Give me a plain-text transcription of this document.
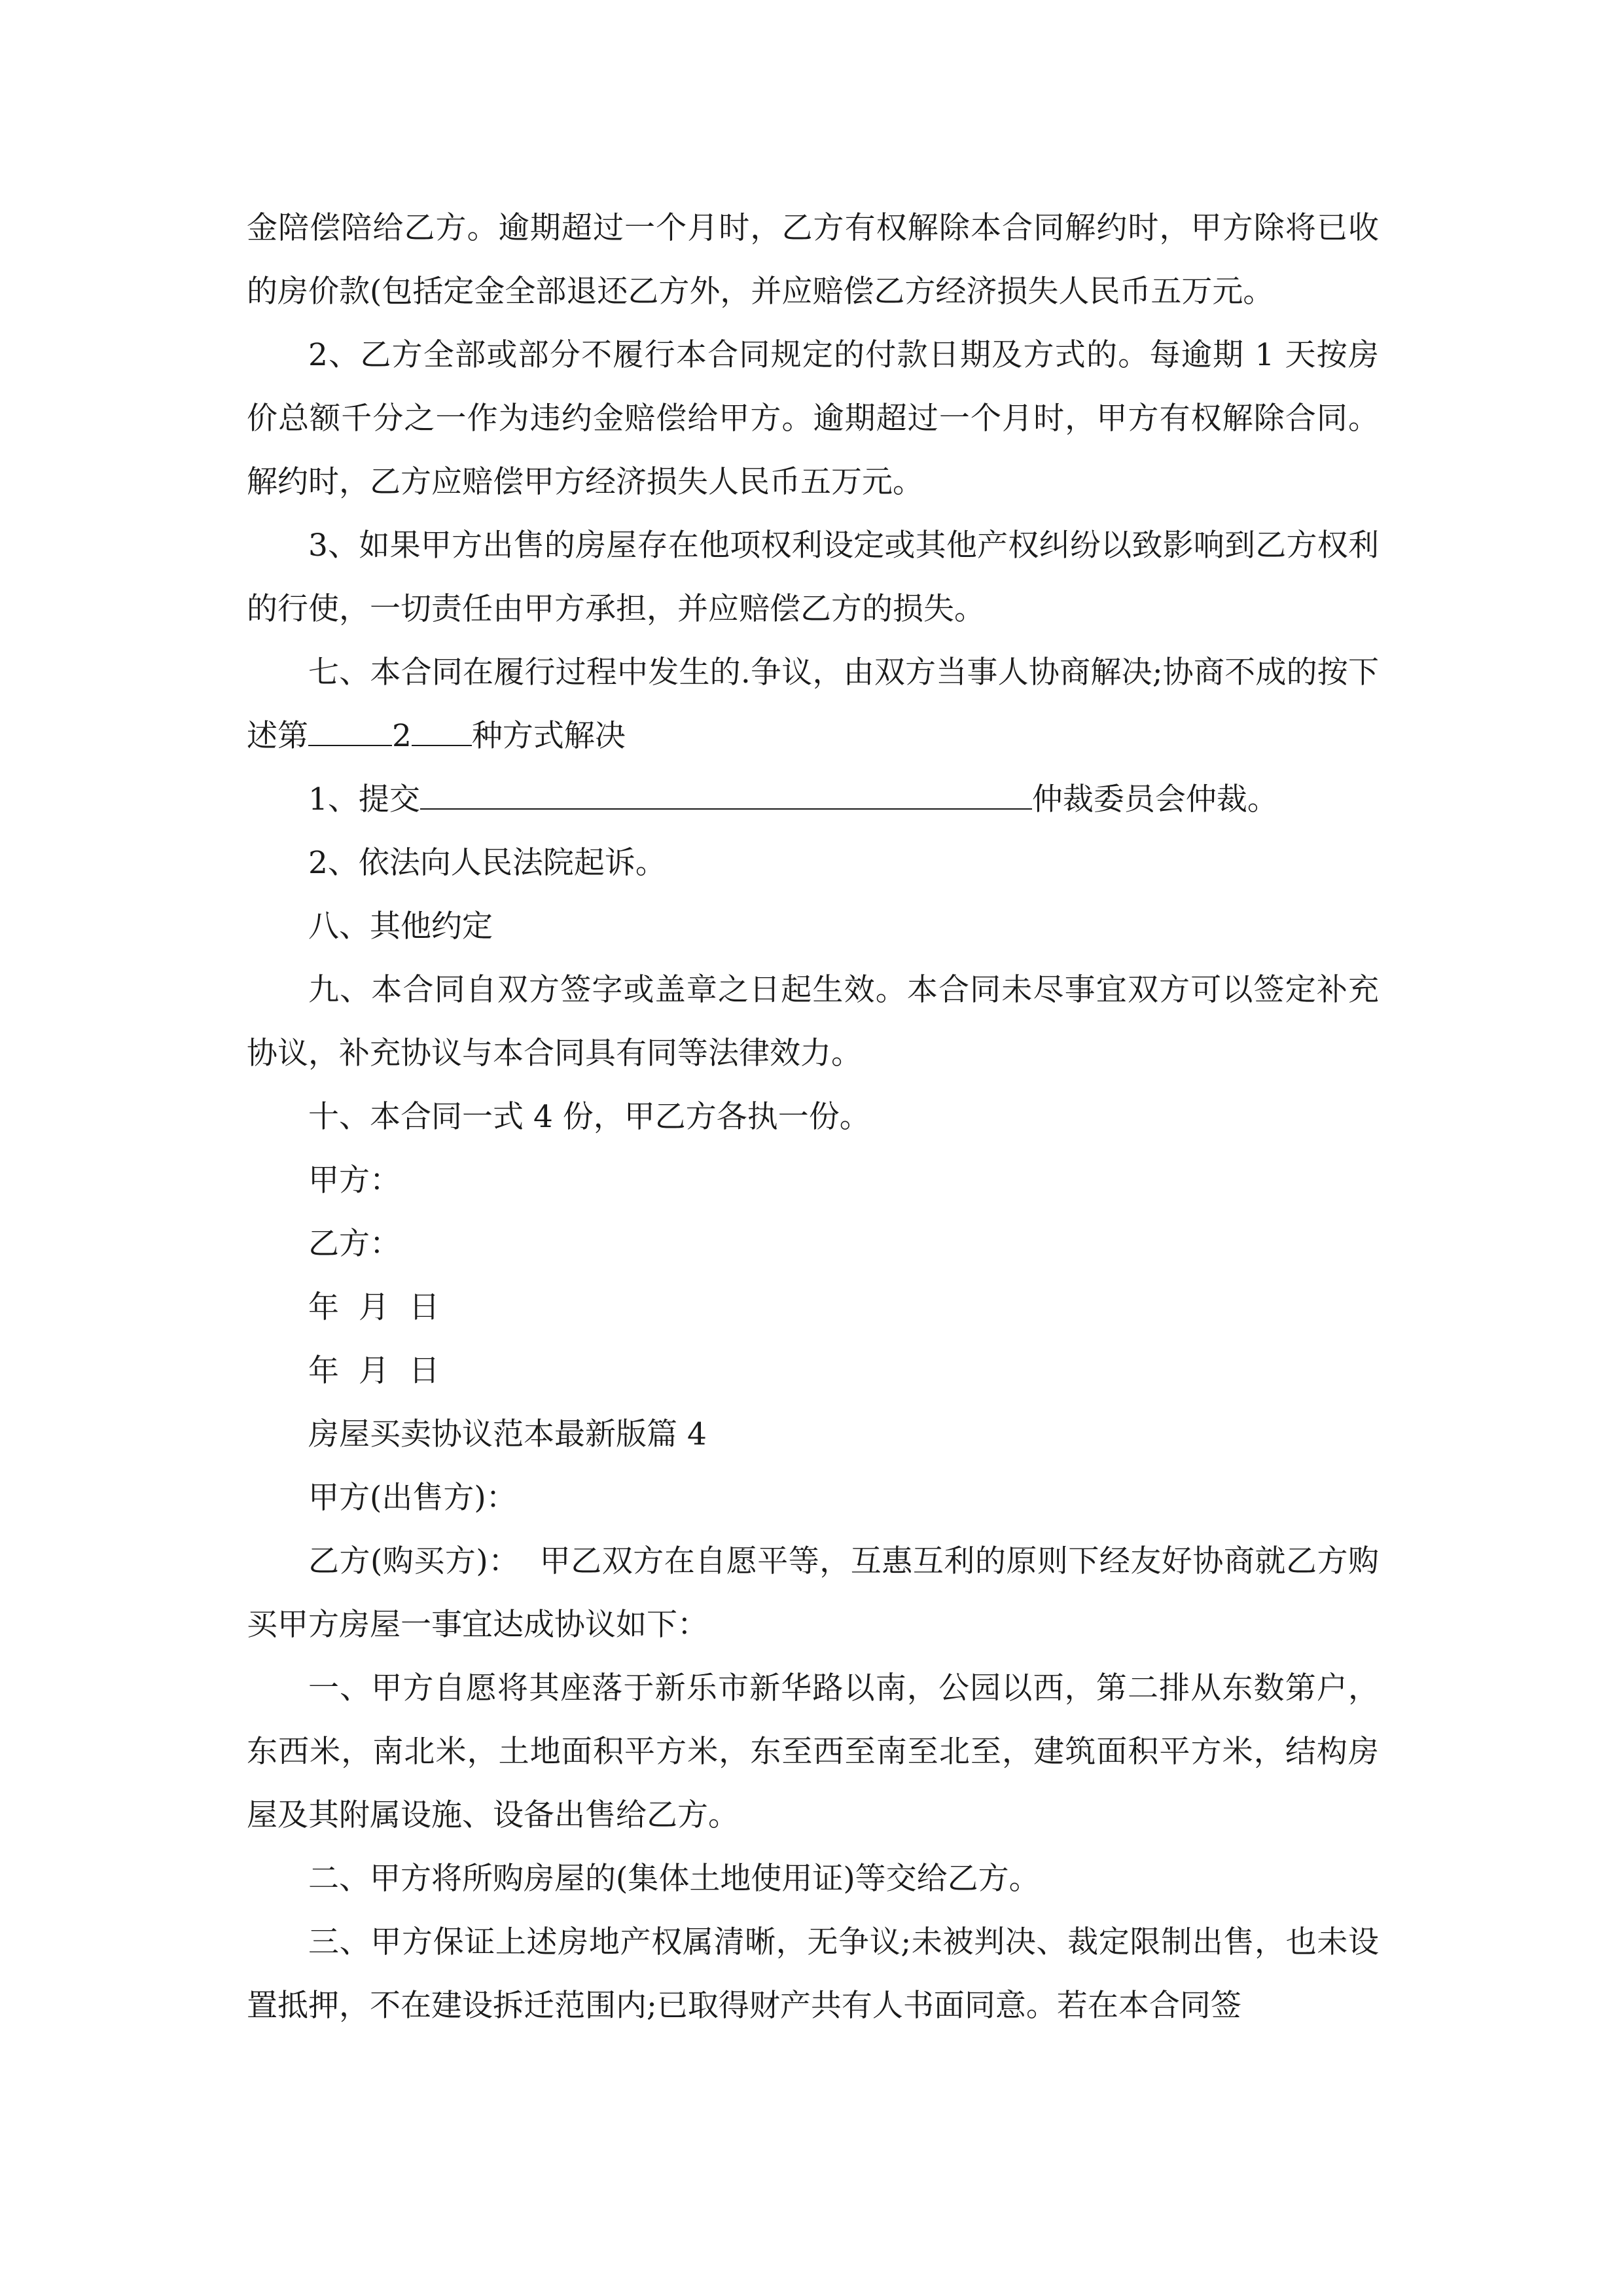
金陪偿陪给乙方。逾期超过一个月时，乙方有权解除本合同解约时，甲方除将已收的房价款(包括定金全部退还乙方外，并应赔偿乙方经济损失人民币五万元。

2、乙方全部或部分不履行本合同规定的付款日期及方式的。每逾期 1 天按房价总额千分之一作为违约金赔偿给甲方。逾期超过一个月时，甲方有权解除合同。解约时，乙方应赔偿甲方经济损失人民币五万元。

3、如果甲方出售的房屋存在他项权利设定或其他产权纠纷以致影响到乙方权利的行使，一切责任由甲方承担，并应赔偿乙方的损失。

七、本合同在履行过程中发生的.争议，由双方当事人协商解决;协商不成的按下述第	2 种方式解决

1、提交	仲裁委员会仲裁。

2、依法向人民法院起诉。

八、其他约定

九、本合同自双方签字或盖章之日起生效。本合同未尽事宜双方可以签定补充协议，补充协议与本合同具有同等法律效力。

十、本合同一式 4 份，甲乙方各执一份。

甲方：

乙方：

年  月  日

年  月  日

房屋买卖协议范本最新版篇 4

甲方(出售方)：

乙方(购买方)：  甲乙双方在自愿平等，互惠互利的原则下经友好协商就乙方购买甲方房屋一事宜达成协议如下：

一、甲方自愿将其座落于新乐市新华路以南，公园以西，第二排从东数第户，东西米，南北米，土地面积平方米，东至西至南至北至，建筑面积平方米，结构房屋及其附属设施、设备出售给乙方。

二、甲方将所购房屋的(集体土地使用证)等交给乙方。

三、甲方保证上述房地产权属清晰，无争议;未被判决、裁定限制出售，也未设置抵押，不在建设拆迁范围内;已取得财产共有人书面同意。若在本合同签
